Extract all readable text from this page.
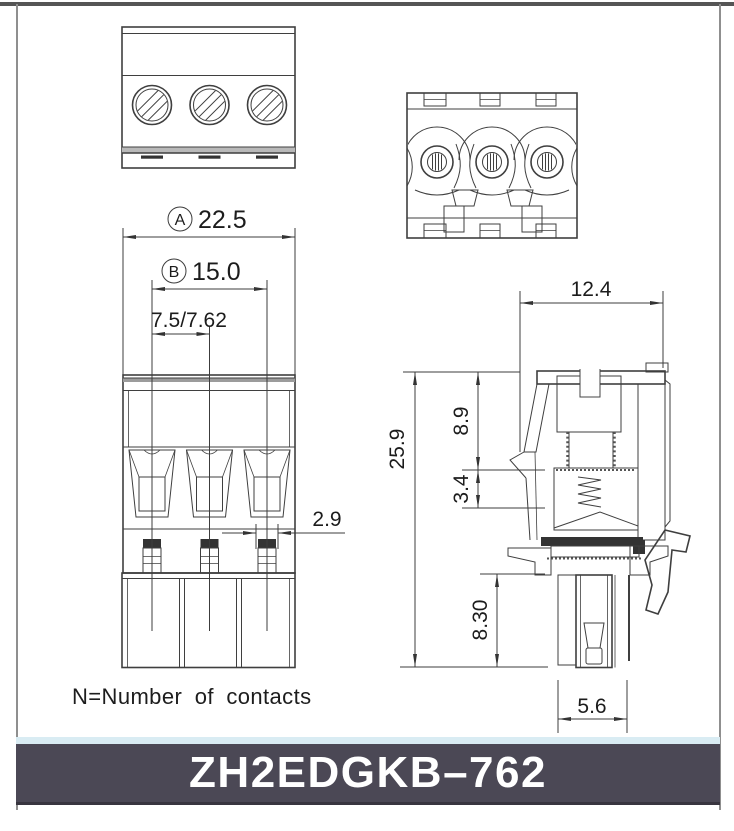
A 22.5
B 15.0
7.5/7.62
2.9
12.4
25.9
8.9
3.4
8.30
5.6
N=Number of contacts
ZH2EDGKB–762
